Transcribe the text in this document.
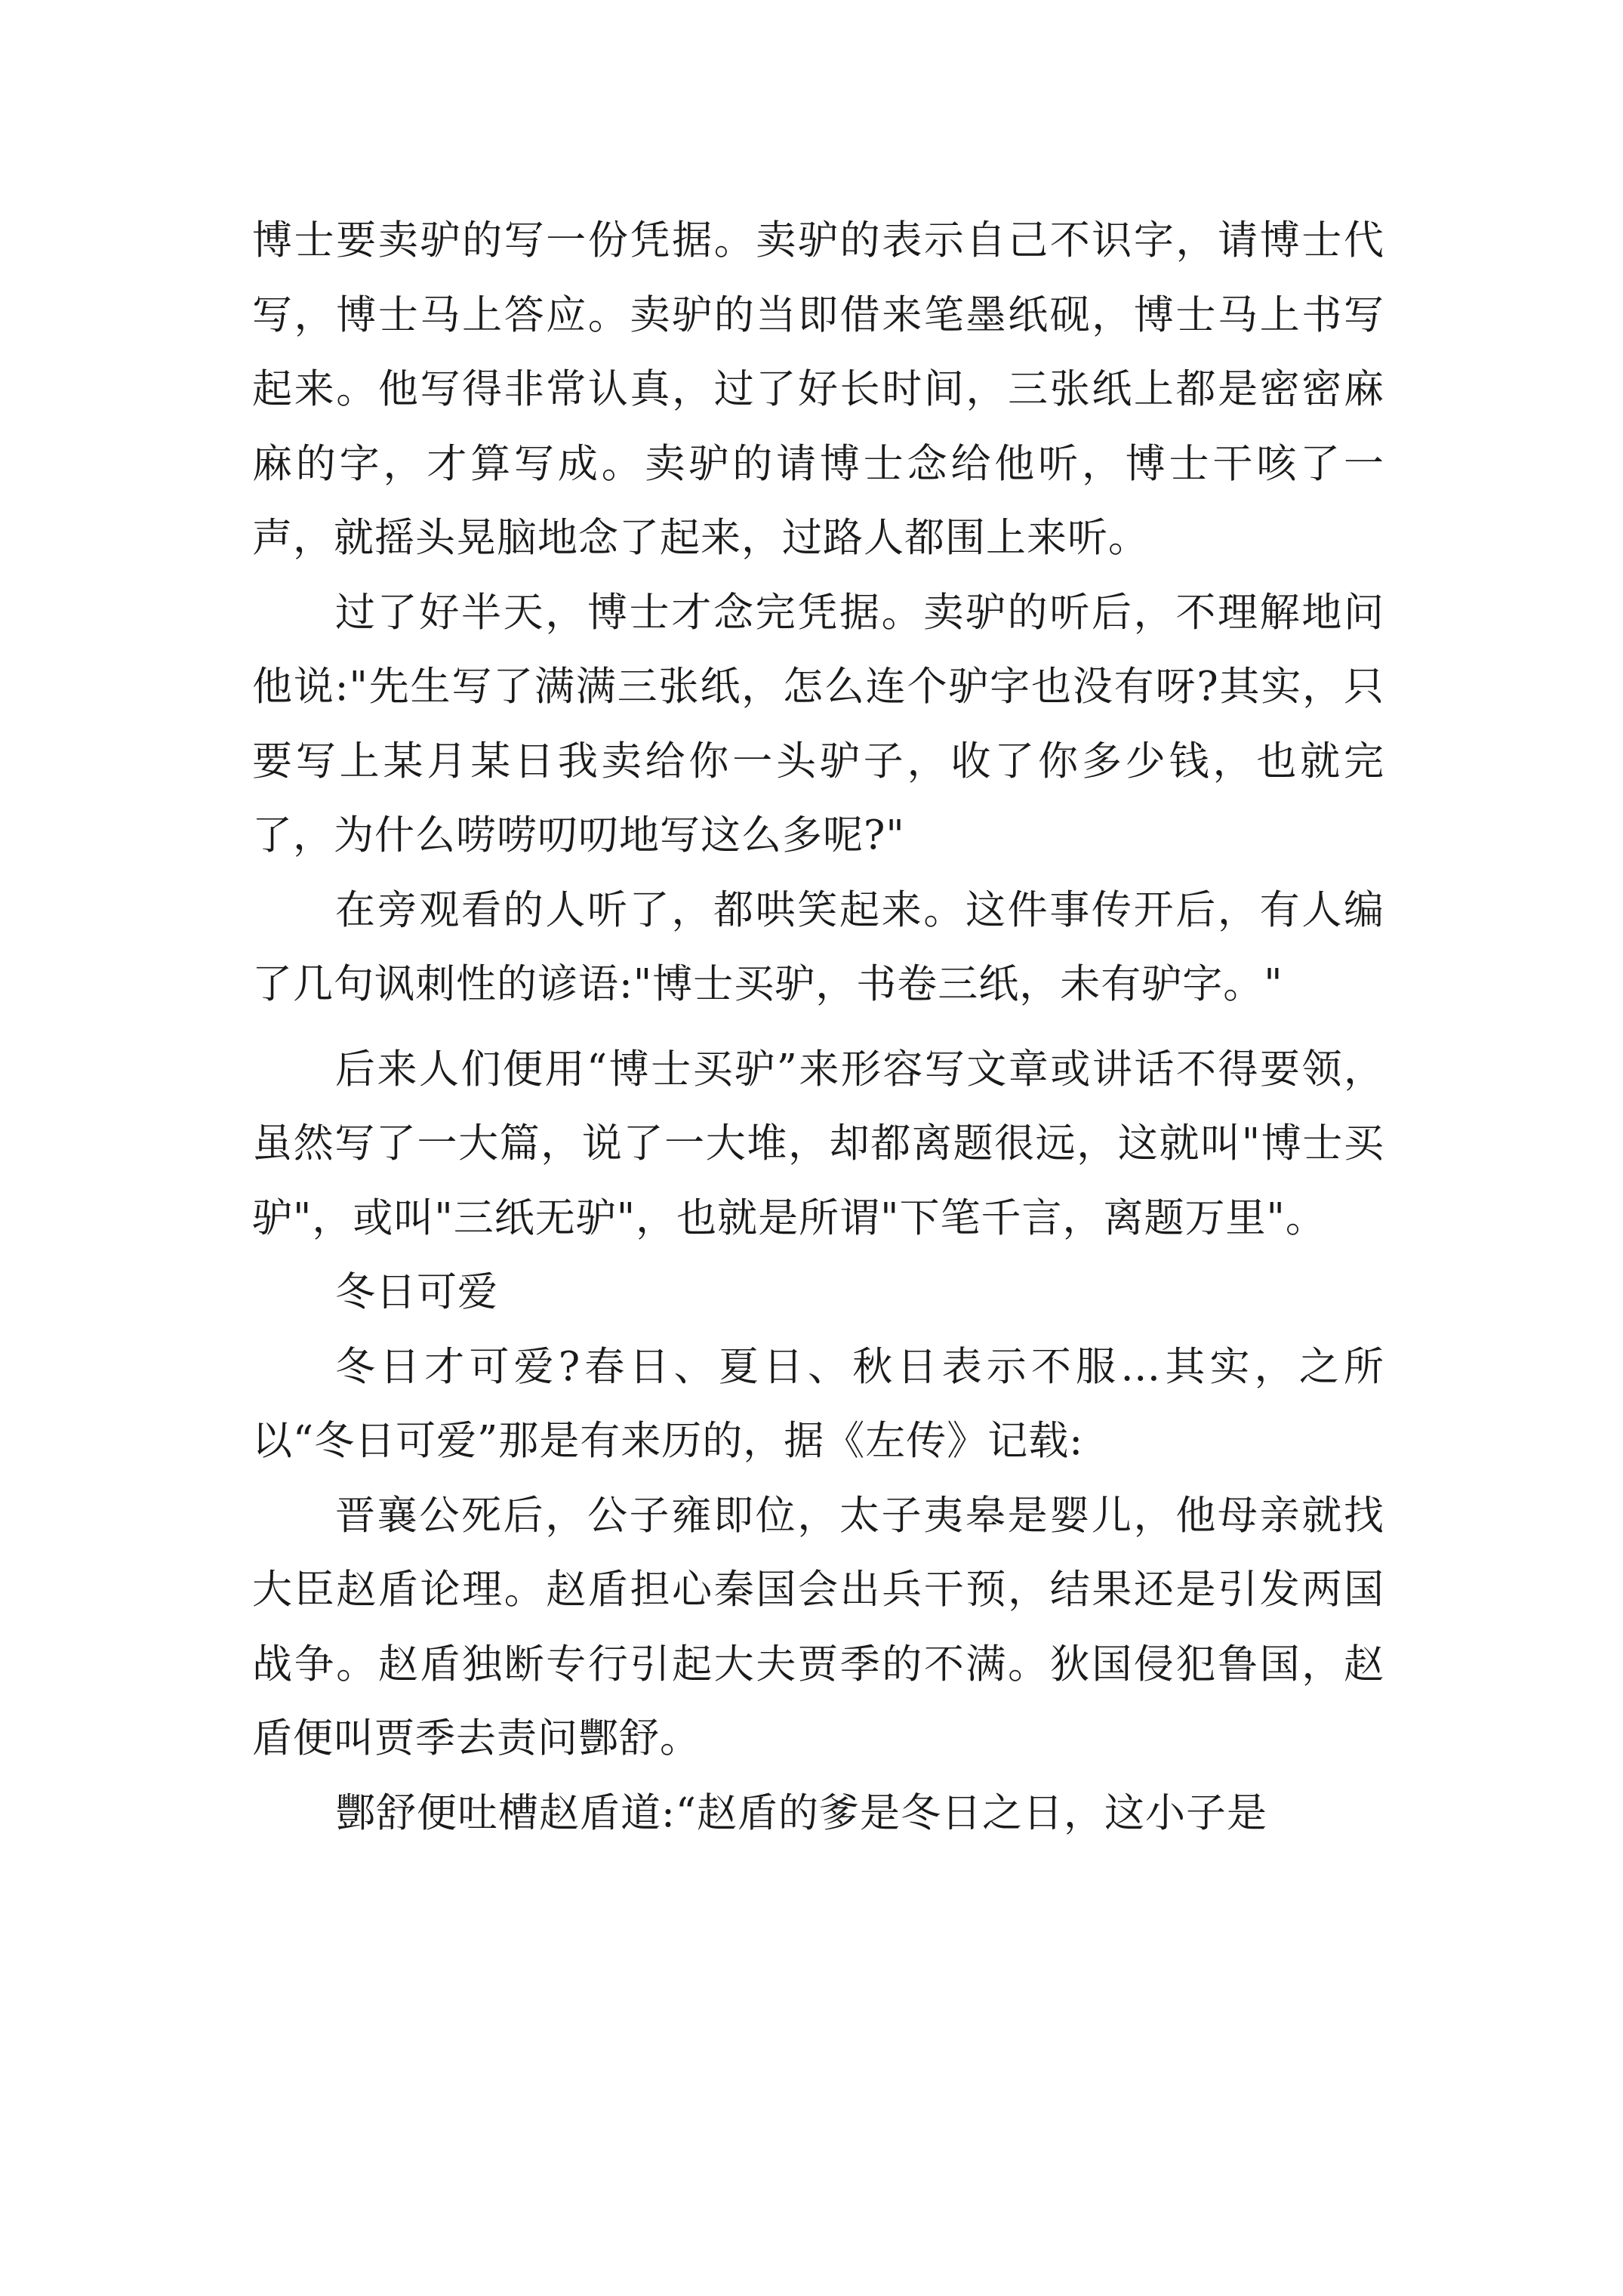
博士要卖驴的写一份凭据。卖驴的表示自己不识字，请博士代写，博士马上答应。卖驴的当即借来笔墨纸砚，博士马上书写起来。他写得非常认真，过了好长时间，三张纸上都是密密麻麻的字，才算写成。卖驴的请博士念给他听，博士干咳了一声，就摇头晃脑地念了起来，过路人都围上来听。

过了好半天，博士才念完凭据。卖驴的听后，不理解地问他说:"先生写了满满三张纸，怎么连个驴字也没有呀?其实，只要写上某月某日我卖给你一头驴子，收了你多少钱，也就完了，为什么唠唠叨叨地写这么多呢?"

在旁观看的人听了，都哄笑起来。这件事传开后，有人编了几句讽刺性的谚语:"博士买驴，书卷三纸，未有驴字。"

后来人们便用“博士买驴”来形容写文章或讲话不得要领，虽然写了一大篇，说了一大堆，却都离题很远，这就叫"博士买驴"，或叫"三纸无驴"，也就是所谓"下笔千言，离题万里"。

冬日可爱

冬日才可爱?春日、夏日、秋日表示不服…其实，之所以“冬日可爱”那是有来历的，据《左传》记载:

晋襄公死后，公子雍即位，太子夷皋是婴儿，他母亲就找大臣赵盾论理。赵盾担心秦国会出兵干预，结果还是引发两国战争。赵盾独断专行引起大夫贾季的不满。狄国侵犯鲁国，赵盾便叫贾季去责问酆舒。

酆舒便吐槽赵盾道:“赵盾的爹是冬日之日，这小子是
